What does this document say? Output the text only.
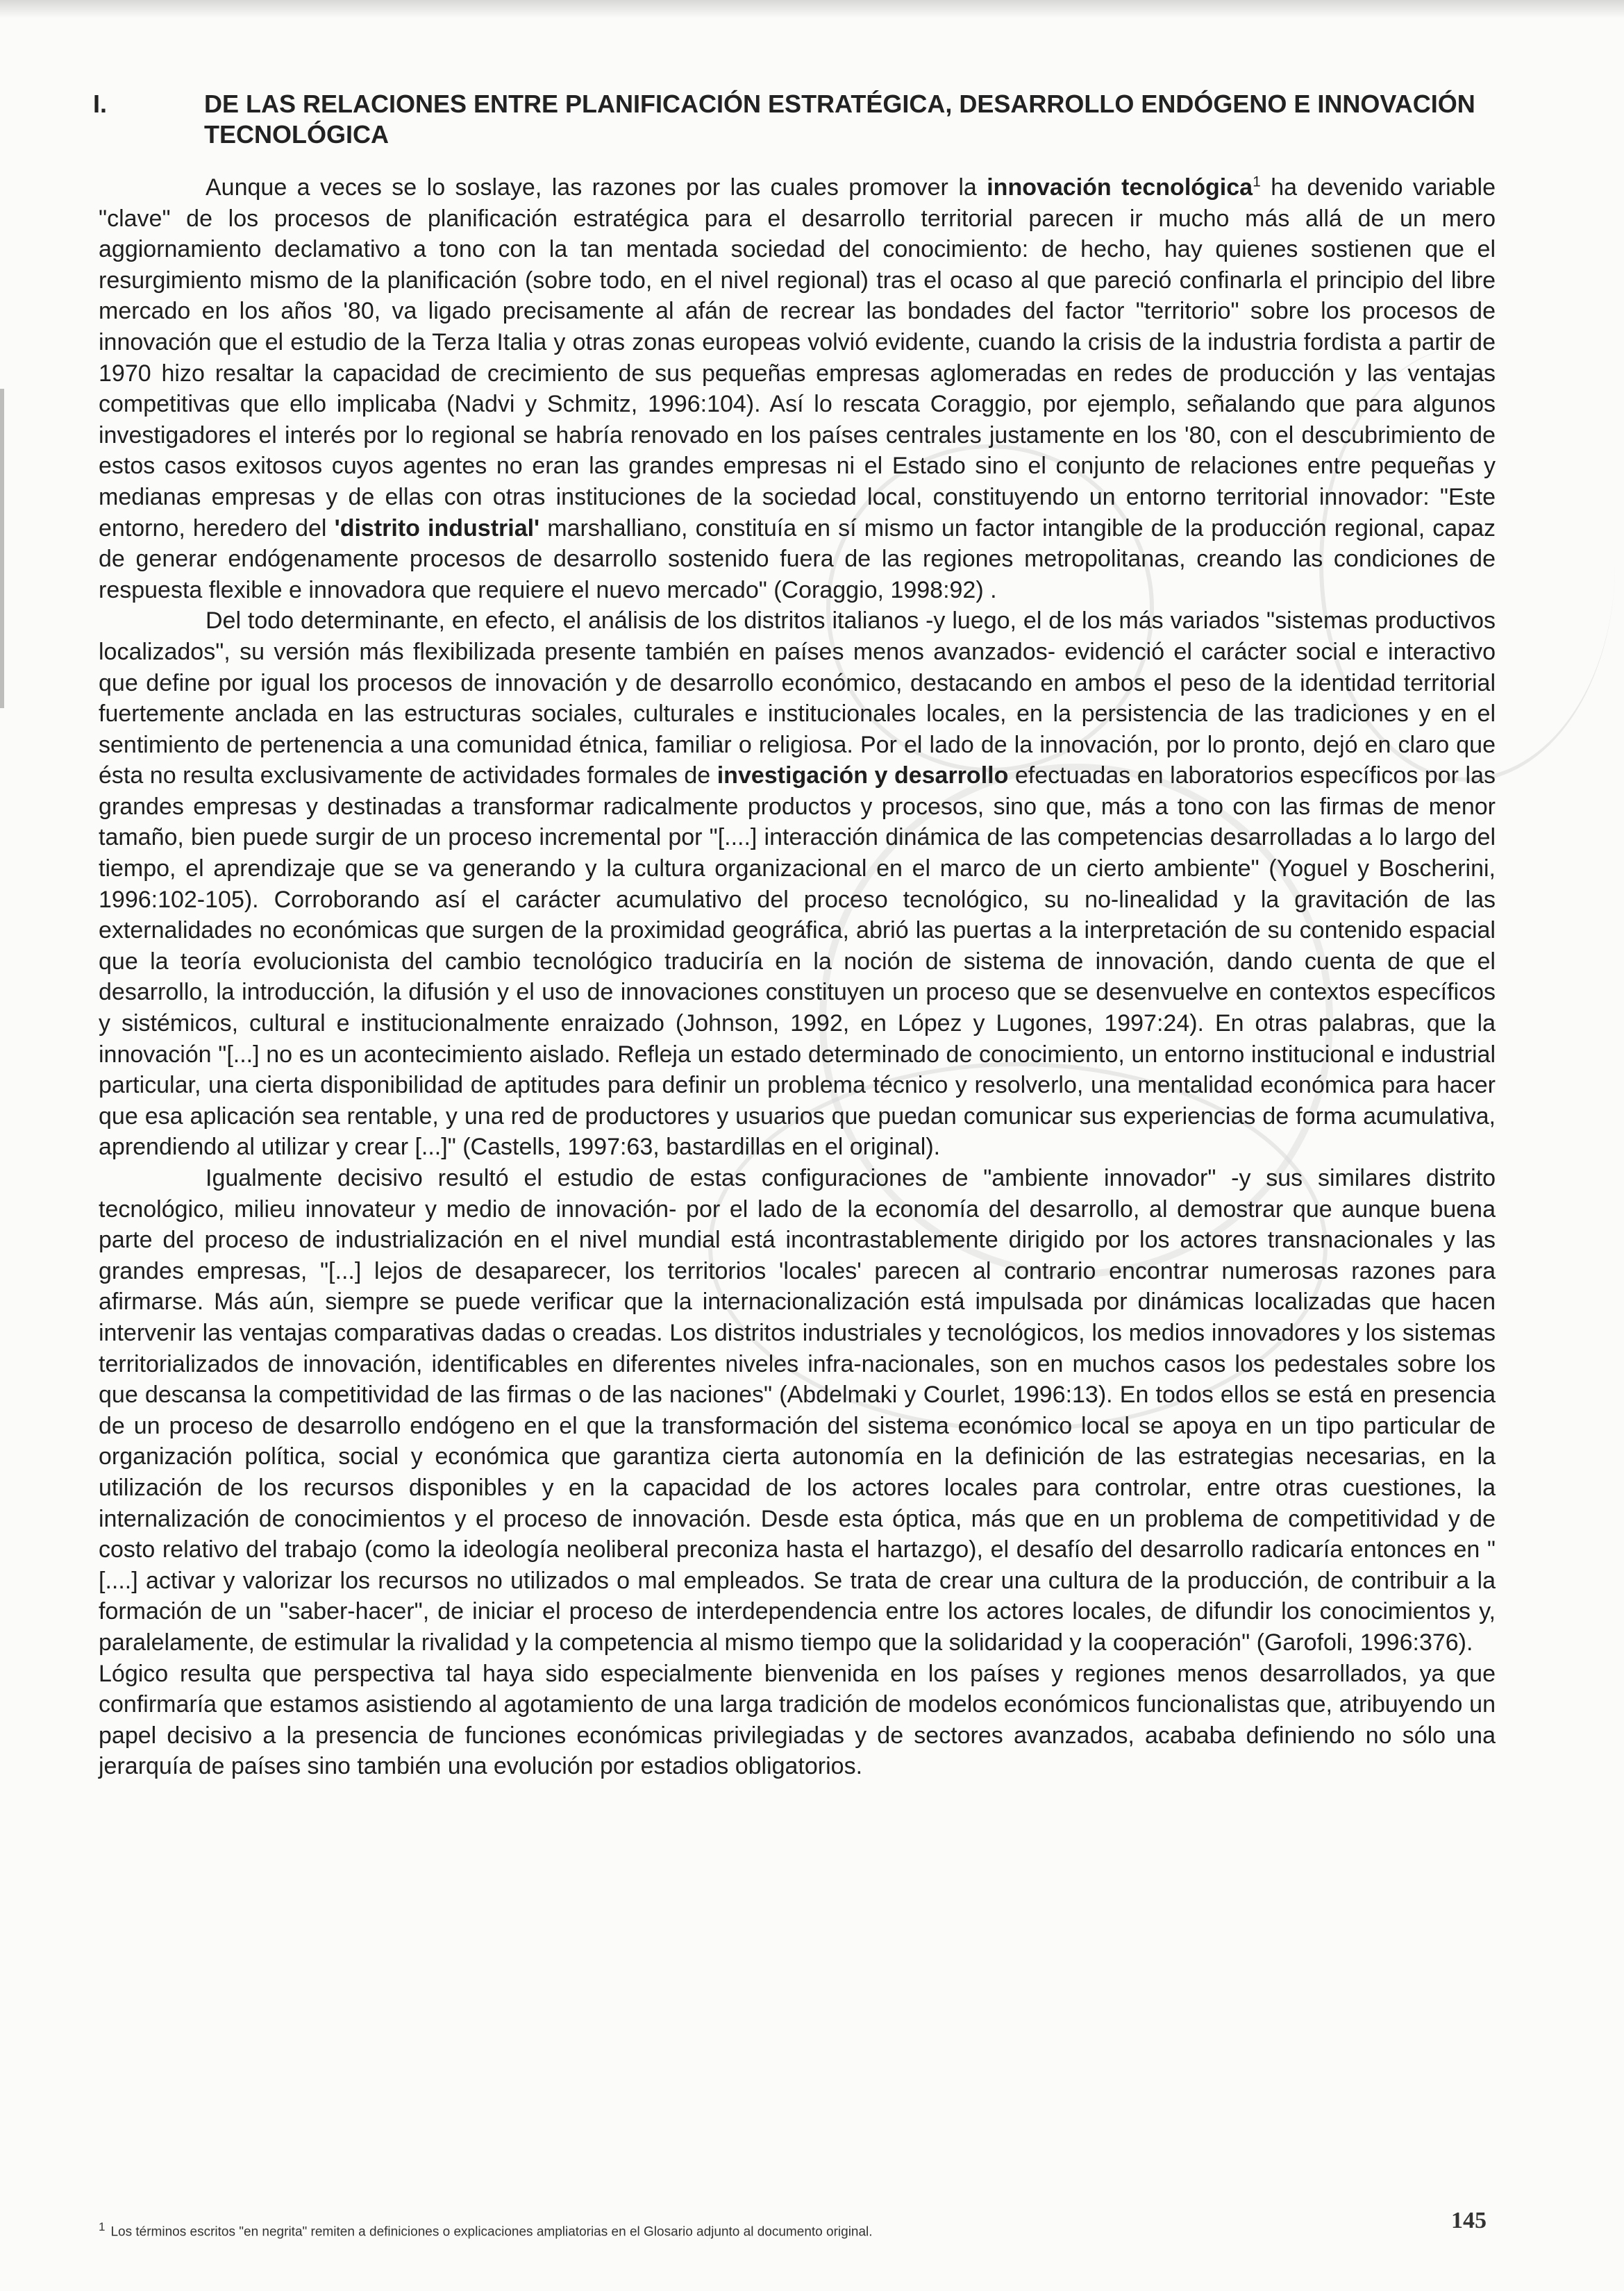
I.	DE LAS RELACIONES ENTRE PLANIFICACIÓN ESTRATÉGICA, DESARROLLO ENDÓGENO E INNOVACIÓN TECNOLÓGICA

Aunque a veces se lo soslaye, las razones por las cuales promover la innovación tecnológica$^1$ ha devenido variable "clave" de los procesos de planificación estratégica para el desarrollo territorial parecen ir mucho más allá de un mero aggiornamiento declamativo a tono con la tan mentada sociedad del conocimiento: de hecho, hay quienes sostienen que el resurgimiento mismo de la planificación (sobre todo, en el nivel regional) tras el ocaso al que pareció confinarla el principio del libre mercado en los años '80, va ligado precisamente al afán de recrear las bondades del factor "territorio" sobre los procesos de innovación que el estudio de la Terza Italia y otras zonas europeas volvió evidente, cuando la crisis de la industria fordista a partir de 1970 hizo resaltar la capacidad de crecimiento de sus pequeñas empresas aglomeradas en redes de producción y las ventajas competitivas que ello implicaba (Nadvi y Schmitz, 1996:104). Así lo rescata Coraggio, por ejemplo, señalando que para algunos investigadores el interés por lo regional se habría renovado en los países centrales justamente en los '80, con el descubrimiento de estos casos exitosos cuyos agentes no eran las grandes empresas ni el Estado sino el conjunto de relaciones entre pequeñas y medianas empresas y de ellas con otras instituciones de la sociedad local, constituyendo un entorno territorial innovador: "Este entorno, heredero del 'distrito industrial' marshalliano, constituía en sí mismo un factor intangible de la producción regional, capaz de generar endógenamente procesos de desarrollo sostenido fuera de las regiones metropolitanas, creando las condiciones de respuesta flexible e innovadora que requiere el nuevo mercado" (Coraggio, 1998:92) .

Del todo determinante, en efecto, el análisis de los distritos italianos -y luego, el de los más variados "sistemas productivos localizados", su versión más flexibilizada presente también en países menos avanzados- evidenció el carácter social e interactivo que define por igual los procesos de innovación y de desarrollo económico, destacando en ambos el peso de la identidad territorial fuertemente anclada en las estructuras sociales, culturales e institucionales locales, en la persistencia de las tradiciones y en el sentimiento de pertenencia a una comunidad étnica, familiar o religiosa. Por el lado de la innovación, por lo pronto, dejó en claro que ésta no resulta exclusivamente de actividades formales de investigación y desarrollo efectuadas en laboratorios específicos por las grandes empresas y destinadas a transformar radicalmente productos y procesos, sino que, más a tono con las firmas de menor tamaño, bien puede surgir de un proceso incremental por "[....] interacción dinámica de las competencias desarrolladas a lo largo del tiempo, el aprendizaje que se va generando y la cultura organizacional en el marco de un cierto ambiente" (Yoguel y Boscherini, 1996:102-105). Corroborando así el carácter acumulativo del proceso tecnológico, su no-linealidad y la gravitación de las externalidades no económicas que surgen de la proximidad geográfica, abrió las puertas a la interpretación de su contenido espacial que la teoría evolucionista del cambio tecnológico traduciría en la noción de sistema de innovación, dando cuenta de que el desarrollo, la introducción, la difusión y el uso de innovaciones constituyen un proceso que se desenvuelve en contextos específicos y sistémicos, cultural e institucionalmente enraizado (Johnson, 1992, en López y Lugones, 1997:24). En otras palabras, que la innovación "[...] no es un acontecimiento aislado. Refleja un estado determinado de conocimiento, un entorno institucional e industrial particular, una cierta disponibilidad de aptitudes para definir un problema técnico y resolverlo, una mentalidad económica para hacer que esa aplicación sea rentable, y una red de productores y usuarios que puedan comunicar sus experiencias de forma acumulativa, aprendiendo al utilizar y crear [...]" (Castells, 1997:63, bastardillas en el original).

Igualmente decisivo resultó el estudio de estas configuraciones de "ambiente innovador" -y sus similares distrito tecnológico, milieu innovateur y medio de innovación- por el lado de la economía del desarrollo, al demostrar que aunque buena parte del proceso de industrialización en el nivel mundial está incontrastablemente dirigido por los actores transnacionales y las grandes empresas, "[...] lejos de desaparecer, los territorios 'locales' parecen al contrario encontrar numerosas razones para afirmarse. Más aún, siempre se puede verificar que la internacionalización está impulsada por dinámicas localizadas que hacen intervenir las ventajas comparativas dadas o creadas. Los distritos industriales y tecnológicos, los medios innovadores y los sistemas territorializados de innovación, identificables en diferentes niveles infra-nacionales, son en muchos casos los pedestales sobre los que descansa la competitividad de las firmas o de las naciones" (Abdelmaki y Courlet, 1996:13). En todos ellos se está en presencia de un proceso de desarrollo endógeno en el que la transformación del sistema económico local se apoya en un tipo particular de organización política, social y económica que garantiza cierta autonomía en la definición de las estrategias necesarias, en la utilización de los recursos disponibles y en la capacidad de los actores locales para controlar, entre otras cuestiones, la internalización de conocimientos y el proceso de innovación. Desde esta óptica, más que en un problema de competitividad y de costo relativo del trabajo (como la ideología neoliberal preconiza hasta el hartazgo), el desafío del desarrollo radicaría entonces en "[....] activar y valorizar los recursos no utilizados o mal empleados. Se trata de crear una cultura de la producción, de contribuir a la formación de un "saber-hacer", de iniciar el proceso de interdependencia entre los actores locales, de difundir los conocimientos y, paralelamente, de estimular la rivalidad y la competencia al mismo tiempo que la solidaridad y la cooperación" (Garofoli, 1996:376).

Lógico resulta que perspectiva tal haya sido especialmente bienvenida en los países y regiones menos desarrollados, ya que confirmaría que estamos asistiendo al agotamiento de una larga tradición de modelos económicos funcionalistas que, atribuyendo un papel decisivo a la presencia de funciones económicas privilegiadas y de sectores avanzados, acababa definiendo no sólo una jerarquía de países sino también una evolución por estadios obligatorios.

$^1$ Los términos escritos "en negrita" remiten a definiciones o explicaciones ampliatorias en el Glosario adjunto al documento original.	145
